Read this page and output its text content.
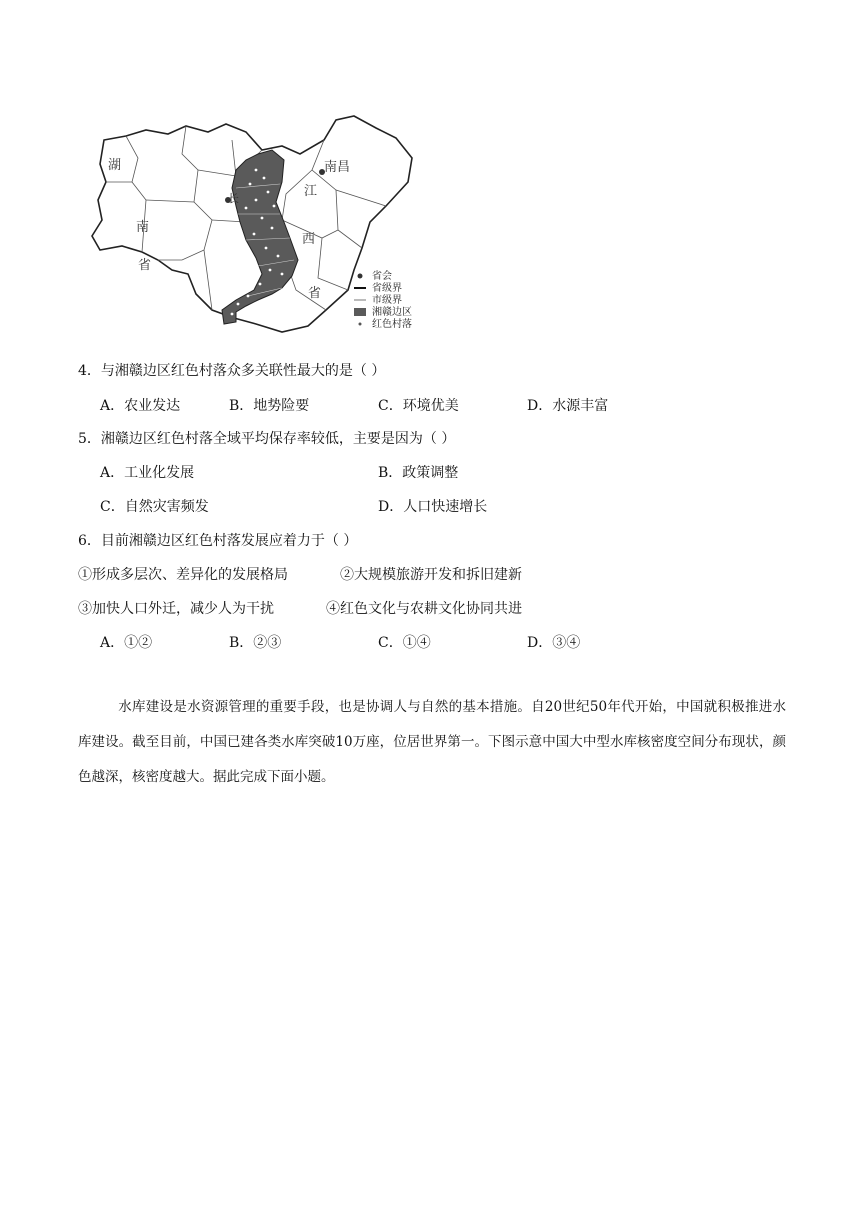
省会
省级界
市级界
湘赣边区
红色村落
湖
南
省
南昌
江
西
省
长
4．与湘赣边区红色村落众多关联性最大的是（ ）
A．农业发达	B．地势险要	C．环境优美	D．水源丰富
5．湘赣边区红色村落全域平均保存率较低，主要是因为（ ）
A．工业化发展	B．政策调整
C．自然灾害频发	D．人口快速增长
6．目前湘赣边区红色村落发展应着力于（ ）
①形成多层次、差异化的发展格局	②大规模旅游开发和拆旧建新
③加快人口外迁，减少人为干扰	④红色文化与农耕文化协同共进
A．①②	B．②③	C．①④	D．③④
水库建设是水资源管理的重要手段，也是协调人与自然的基本措施。自20世纪50年代开始，中国就积极推进水库建设。截至目前，中国已建各类水库突破10万座，位居世界第一。下图示意中国大中型水库核密度空间分布现状，颜色越深，核密度越大。据此完成下面小题。
